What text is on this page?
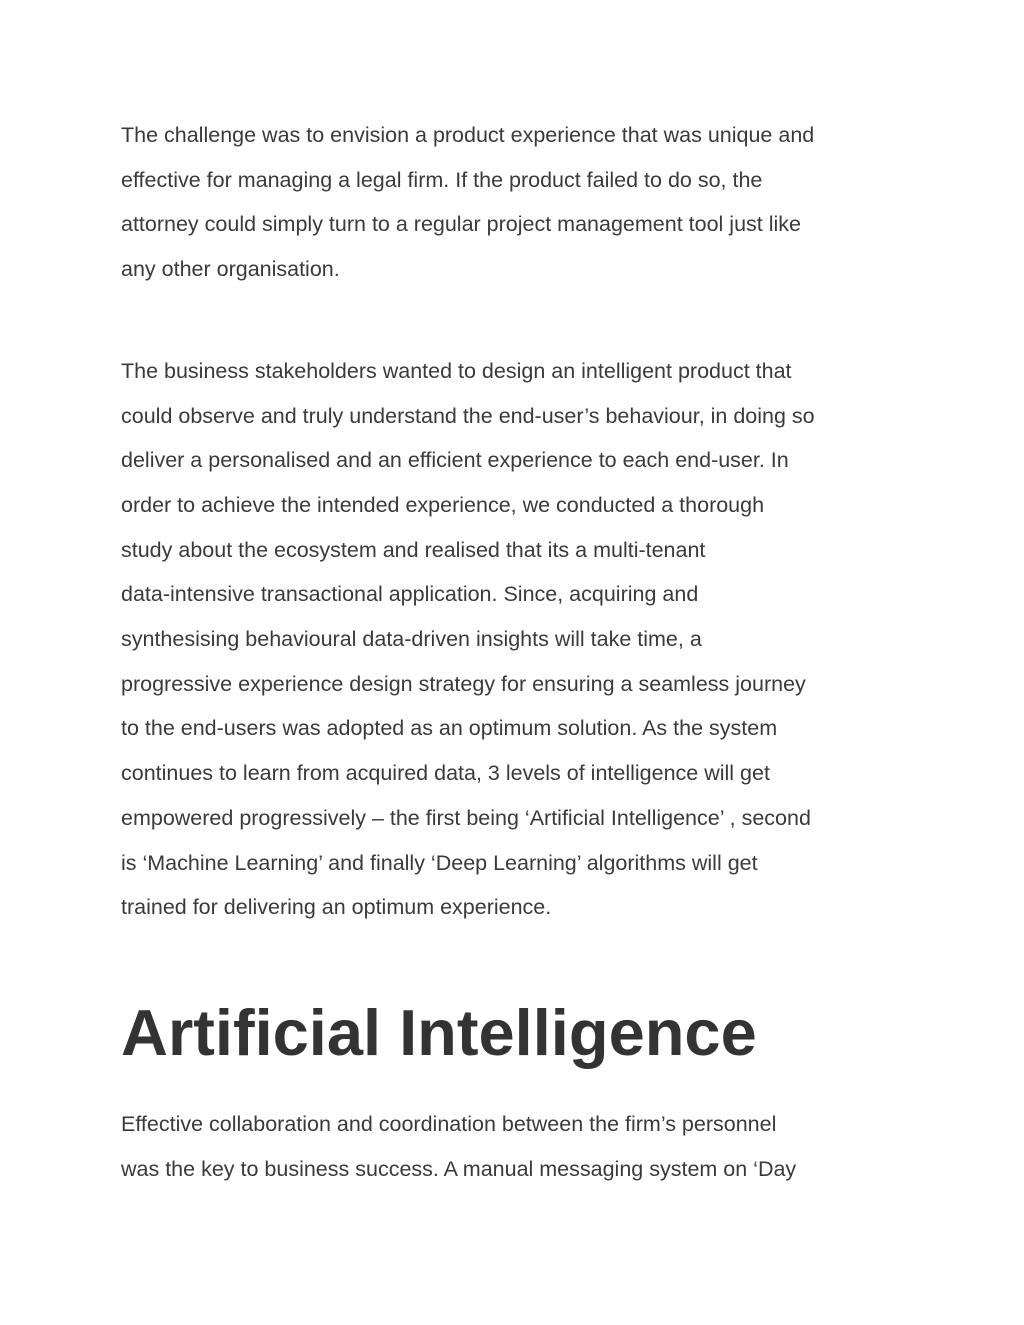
The challenge was to envision a product experience that was unique and
effective for managing a legal firm. If the product failed to do so, the
attorney could simply turn to a regular project management tool just like
any other organisation.

The business stakeholders wanted to design an intelligent product that
could observe and truly understand the end-user’s behaviour, in doing so
deliver a personalised and an efficient experience to each end-user. In
order to achieve the intended experience, we conducted a thorough
study about the ecosystem and realised that its a multi-tenant
data-intensive transactional application. Since, acquiring and
synthesising behavioural data-driven insights will take time, a
progressive experience design strategy for ensuring a seamless journey
to the end-users was adopted as an optimum solution. As the system
continues to learn from acquired data, 3 levels of intelligence will get
empowered progressively – the first being ‘Artificial Intelligence’ , second
is ‘Machine Learning’ and finally ‘Deep Learning’ algorithms will get
trained for delivering an optimum experience.

Artificial Intelligence

Effective collaboration and coordination between the firm’s personnel
was the key to business success. A manual messaging system on ‘Day
